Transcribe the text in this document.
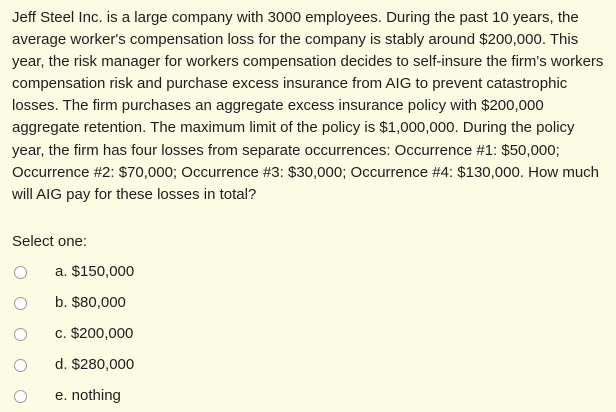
Jeff Steel Inc. is a large company with 3000 employees. During the past 10 years, the average worker's compensation loss for the company is stably around $200,000. This year, the risk manager for workers compensation decides to self-insure the firm's workers compensation risk and purchase excess insurance from AIG to prevent catastrophic losses. The firm purchases an aggregate excess insurance policy with $200,000 aggregate retention. The maximum limit of the policy is $1,000,000. During the policy year, the firm has four losses from separate occurrences: Occurrence #1: $50,000; Occurrence #2: $70,000; Occurrence #3: $30,000; Occurrence #4: $130,000. How much will AIG pay for these losses in total?

Select one:
a. $150,000
b. $80,000
c. $200,000
d. $280,000
e. nothing
